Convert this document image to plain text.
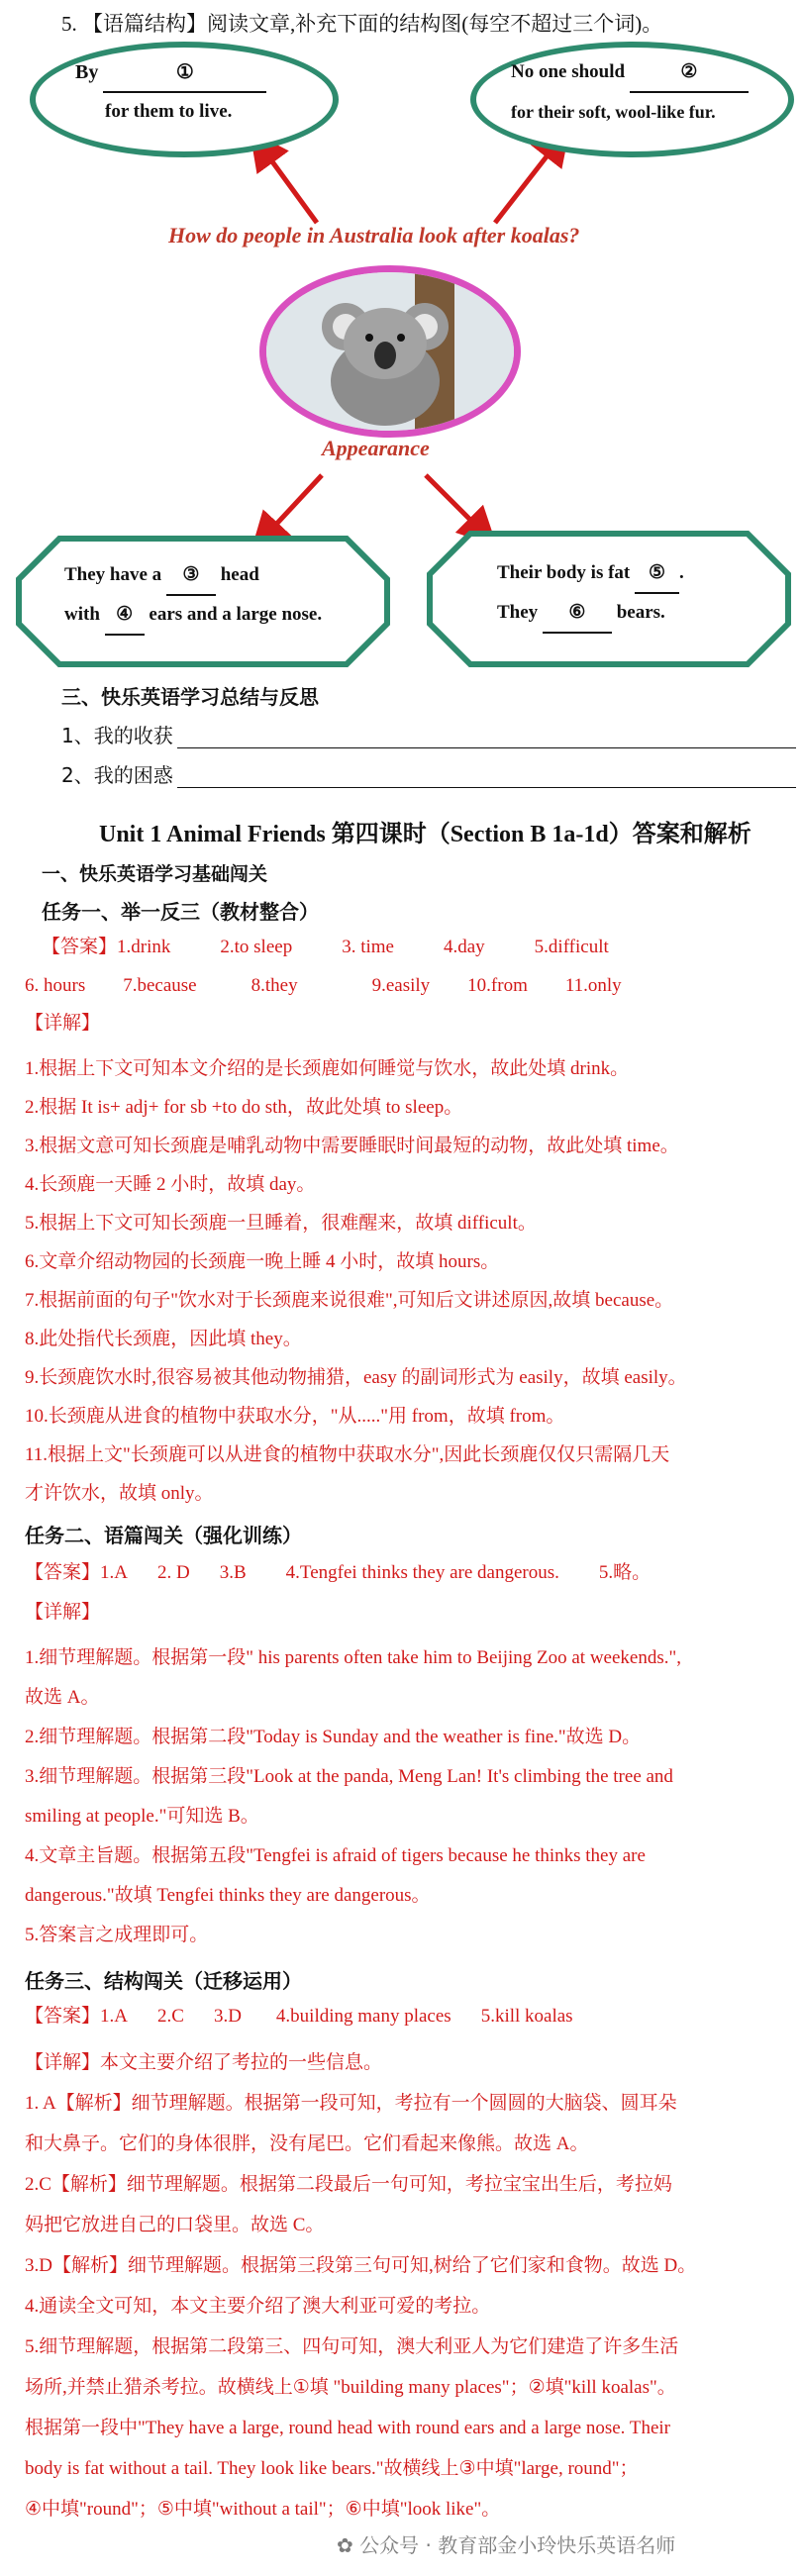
5. 【语篇结构】阅读文章,补充下面的结构图(每空不超过三个词)。
By	①
for them to live.
No one should	②
for their soft, wool-like fur.
How do people in Australia look after koalas?
Appearance
They have a ③ head
with ④ ears and a large nose.
Their body is fat ⑤ .
They ⑥ bears.
三、快乐英语学习总结与反思
1、我的收获
2、我的困惑
Unit 1 Animal Friends 第四课时（Section B 1a-1d）答案和解析
一、快乐英语学习基础闯关
任务一、举一反三（教材整合）
【答案】1.drink	2.to sleep	3. time	4.day	5.difficult
6. hours 7.because	8.they	9.easily 10.from 11.only
【详解】
1.根据上下文可知本文介绍的是长颈鹿如何睡觉与饮水，故此处填 drink。
2.根据 It is+ adj+ for sb +to do sth，故此处填 to sleep。
3.根据文意可知长颈鹿是哺乳动物中需要睡眠时间最短的动物，故此处填 time。
4.长颈鹿一天睡 2 小时，故填 day。
5.根据上下文可知长颈鹿一旦睡着，很难醒来，故填 difficult。
6.文章介绍动物园的长颈鹿一晚上睡 4 小时，故填 hours。
7.根据前面的句子"饮水对于长颈鹿来说很难",可知后文讲述原因,故填 because。
8.此处指代长颈鹿，因此填 they。
9.长颈鹿饮水时,很容易被其他动物捕猎，easy 的副词形式为 easily，故填 easily。
10.长颈鹿从进食的植物中获取水分，"从....."用 from，故填 from。
11.根据上文"长颈鹿可以从进食的植物中获取水分",因此长颈鹿仅仅只需隔几天
才许饮水，故填 only。
任务二、语篇闯关（强化训练）
【答案】1.A 2. D 3.B 4.Tengfei thinks they are dangerous. 5.略。
【详解】
1.细节理解题。根据第一段" his parents often take him to Beijing Zoo at weekends.",
故选 A。
2.细节理解题。根据第二段"Today is Sunday and the weather is fine."故选 D。
3.细节理解题。根据第三段"Look at the panda, Meng Lan! It's climbing the tree and
smiling at people."可知选 B。
4.文章主旨题。根据第五段"Tengfei is afraid of tigers because he thinks they are
dangerous."故填 Tengfei thinks they are dangerous。
5.答案言之成理即可。
任务三、结构闯关（迁移运用）
【答案】1.A 2.C 3.D 4.building many places 5.kill koalas
【详解】本文主要介绍了考拉的一些信息。
1. A【解析】细节理解题。根据第一段可知，考拉有一个圆圆的大脑袋、圆耳朵
和大鼻子。它们的身体很胖，没有尾巴。它们看起来像熊。故选 A。
2.C【解析】细节理解题。根据第二段最后一句可知，考拉宝宝出生后，考拉妈
妈把它放进自己的口袋里。故选 C。
3.D【解析】细节理解题。根据第三段第三句可知,树给了它们家和食物。故选 D。
4.通读全文可知，本文主要介绍了澳大利亚可爱的考拉。
5.细节理解题，根据第二段第三、四句可知，澳大利亚人为它们建造了许多生活
场所,并禁止猎杀考拉。故横线上①填 "building many places"；②填"kill koalas"。
根据第一段中"They have a large, round head with round ears and a large nose. Their
body is fat without a tail. They look like bears."故横线上③中填"large, round"；
④中填"round"；⑤中填"without a tail"；⑥中填"look like"。
✿ 公众号 · 教育部金小玲快乐英语名师
